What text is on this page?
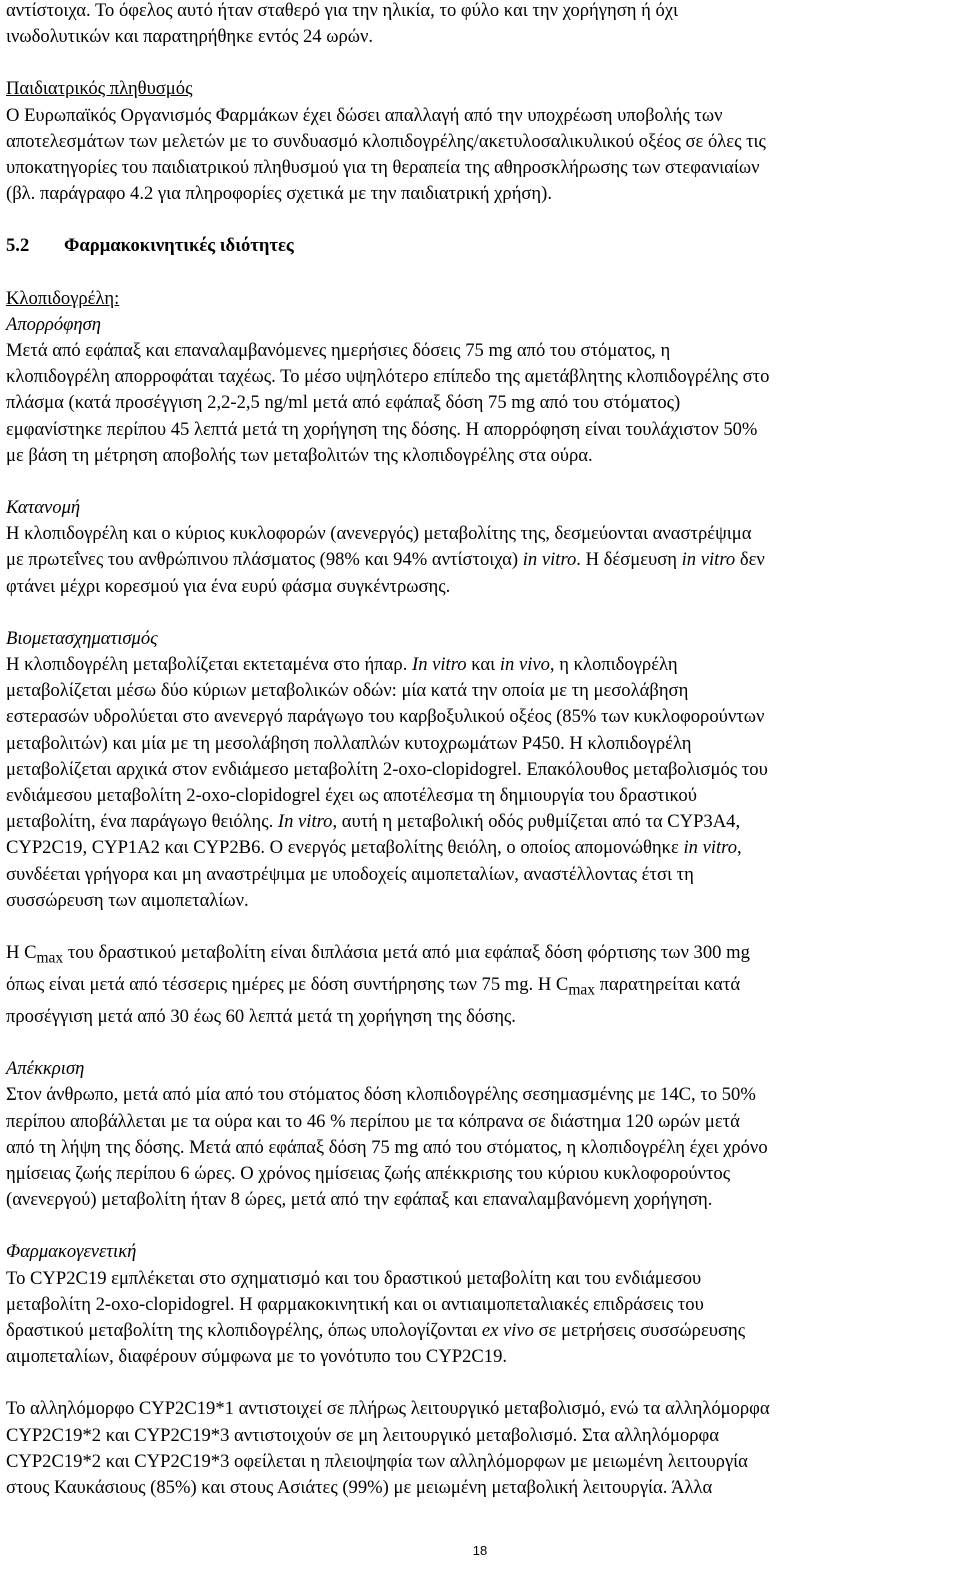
αντίστοιχα. Το όφελος αυτό ήταν σταθερό για την ηλικία, το φύλο και την χορήγηση ή όχι

ινωδολυτικών και παρατηρήθηκε εντός 24 ωρών.

Παιδιατρικός πληθυσμός

Ο Ευρωπαϊκός Οργανισμός Φαρμάκων έχει δώσει απαλλαγή από την υποχρέωση υποβολής των

αποτελεσμάτων των μελετών με το συνδυασμό κλοπιδογρέλης/ακετυλοσαλικυλικού οξέος σε όλες τις

υποκατηγορίες του παιδιατρικού πληθυσμού για τη θεραπεία της αθηροσκλήρωσης των στεφανιαίων

(βλ. παράγραφο 4.2 για πληροφορίες σχετικά με την παιδιατρική χρήση).

5.2	Φαρμακοκινητικές ιδιότητες

Κλοπιδογρέλη:

Απορρόφηση

Μετά από εφάπαξ και επαναλαμβανόμενες ημερήσιες δόσεις 75 mg από του στόματος, η

κλοπιδογρέλη απορροφάται ταχέως. Το μέσο υψηλότερο επίπεδο της αμετάβλητης κλοπιδογρέλης στο

πλάσμα (κατά προσέγγιση 2,2-2,5 ng/ml μετά από εφάπαξ δόση 75 mg από του στόματος)

εμφανίστηκε περίπου 45 λεπτά μετά τη χορήγηση της δόσης. Η απορρόφηση είναι τουλάχιστον 50%

με βάση τη μέτρηση αποβολής των μεταβολιτών της κλοπιδογρέλης στα ούρα.

Κατανομή

Η κλοπιδογρέλη και ο κύριος κυκλοφορών (ανενεργός) μεταβολίτης της, δεσμεύονται αναστρέψιμα

με πρωτεΐνες του ανθρώπινου πλάσματος (98% και 94% αντίστοιχα) in vitro. Η δέσμευση in vitro δεν

φτάνει μέχρι κορεσμού για ένα ευρύ φάσμα συγκέντρωσης.

Βιομετασχηματισμός

Η κλοπιδογρέλη μεταβολίζεται εκτεταμένα στο ήπαρ. In vitro και in vivo, η κλοπιδογρέλη

μεταβολίζεται μέσω δύο κύριων μεταβολικών οδών: μία κατά την οποία με τη μεσολάβηση

εστερασών υδρολύεται στο ανενεργό παράγωγο του καρβοξυλικού οξέος (85% των κυκλοφορούντων

μεταβολιτών) και μία με τη μεσολάβηση πολλαπλών κυτοχρωμάτων P450. Η κλοπιδογρέλη

μεταβολίζεται αρχικά στον ενδιάμεσο μεταβολίτη 2-oxo-clopidogrel. Επακόλουθος μεταβολισμός του

ενδιάμεσου μεταβολίτη 2-oxo-clopidogrel έχει ως αποτέλεσμα τη δημιουργία του δραστικού

μεταβολίτη, ένα παράγωγο θειόλης. In vitro, αυτή η μεταβολική οδός ρυθμίζεται από τα CYP3A4,

CYP2C19, CYP1A2 και CYP2B6. Ο ενεργός μεταβολίτης θειόλη, ο οποίος απομονώθηκε in vitro,

συνδέεται γρήγορα και μη αναστρέψιμα με υποδοχείς αιμοπεταλίων, αναστέλλοντας έτσι τη

συσσώρευση των αιμοπεταλίων.

Η $C_{max}$ του δραστικού μεταβολίτη είναι διπλάσια μετά από μια εφάπαξ δόση φόρτισης των 300 mg

όπως είναι μετά από τέσσερις ημέρες με δόση συντήρησης των 75 mg. Η $C_{max}$ παρατηρείται κατά

προσέγγιση μετά από 30 έως 60 λεπτά μετά τη χορήγηση της δόσης.

Απέκκριση

Στον άνθρωπο, μετά από μία από του στόματος δόση κλοπιδογρέλης σεσημασμένης με 14C, το 50%

περίπου αποβάλλεται με τα ούρα και το 46 % περίπου με τα κόπρανα σε διάστημα 120 ωρών μετά

από τη λήψη της δόσης. Μετά από εφάπαξ δόση 75 mg από του στόματος, η κλοπιδογρέλη έχει χρόνο

ημίσειας ζωής περίπου 6 ώρες. Ο χρόνος ημίσειας ζωής απέκκρισης του κύριου κυκλοφορούντος

(ανενεργού) μεταβολίτη ήταν 8 ώρες, μετά από την εφάπαξ και επαναλαμβανόμενη χορήγηση.

Φαρμακογενετική

Το CYP2C19 εμπλέκεται στο σχηματισμό και του δραστικού μεταβολίτη και του ενδιάμεσου

μεταβολίτη 2-oxo-clopidogrel. Η φαρμακοκινητική και οι αντιαιμοπεταλιακές επιδράσεις του

δραστικού μεταβολίτη της κλοπιδογρέλης, όπως υπολογίζονται ex vivo σε μετρήσεις συσσώρευσης

αιμοπεταλίων, διαφέρουν σύμφωνα με το γονότυπο του CYP2C19.

Το αλληλόμορφο CYP2C19*1 αντιστοιχεί σε πλήρως λειτουργικό μεταβολισμό, ενώ τα αλληλόμορφα

CYP2C19*2 και CYP2C19*3 αντιστοιχούν σε μη λειτουργικό μεταβολισμό. Στα αλληλόμορφα

CYP2C19*2 και CYP2C19*3 οφείλεται η πλειοψηφία των αλληλόμορφων με μειωμένη λειτουργία

στους Καυκάσιους (85%) και στους Ασιάτες (99%) με μειωμένη μεταβολική λειτουργία. Άλλα

18
